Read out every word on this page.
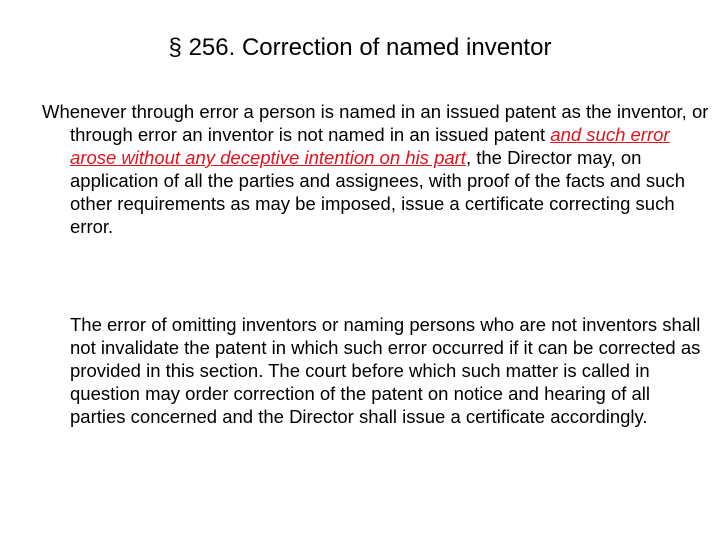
§ 256. Correction of named inventor

Whenever through error a person is named in an issued patent as the inventor, or through error an inventor is not named in an issued patent and such error arose without any deceptive intention on his part, the Director may, on application of all the parties and assignees, with proof of the facts and such other requirements as may be imposed, issue a certificate correcting such error.

The error of omitting inventors or naming persons who are not inventors shall not invalidate the patent in which such error occurred if it can be corrected as provided in this section. The court before which such matter is called in question may order correction of the patent on notice and hearing of all parties concerned and the Director shall issue a certificate accordingly.
